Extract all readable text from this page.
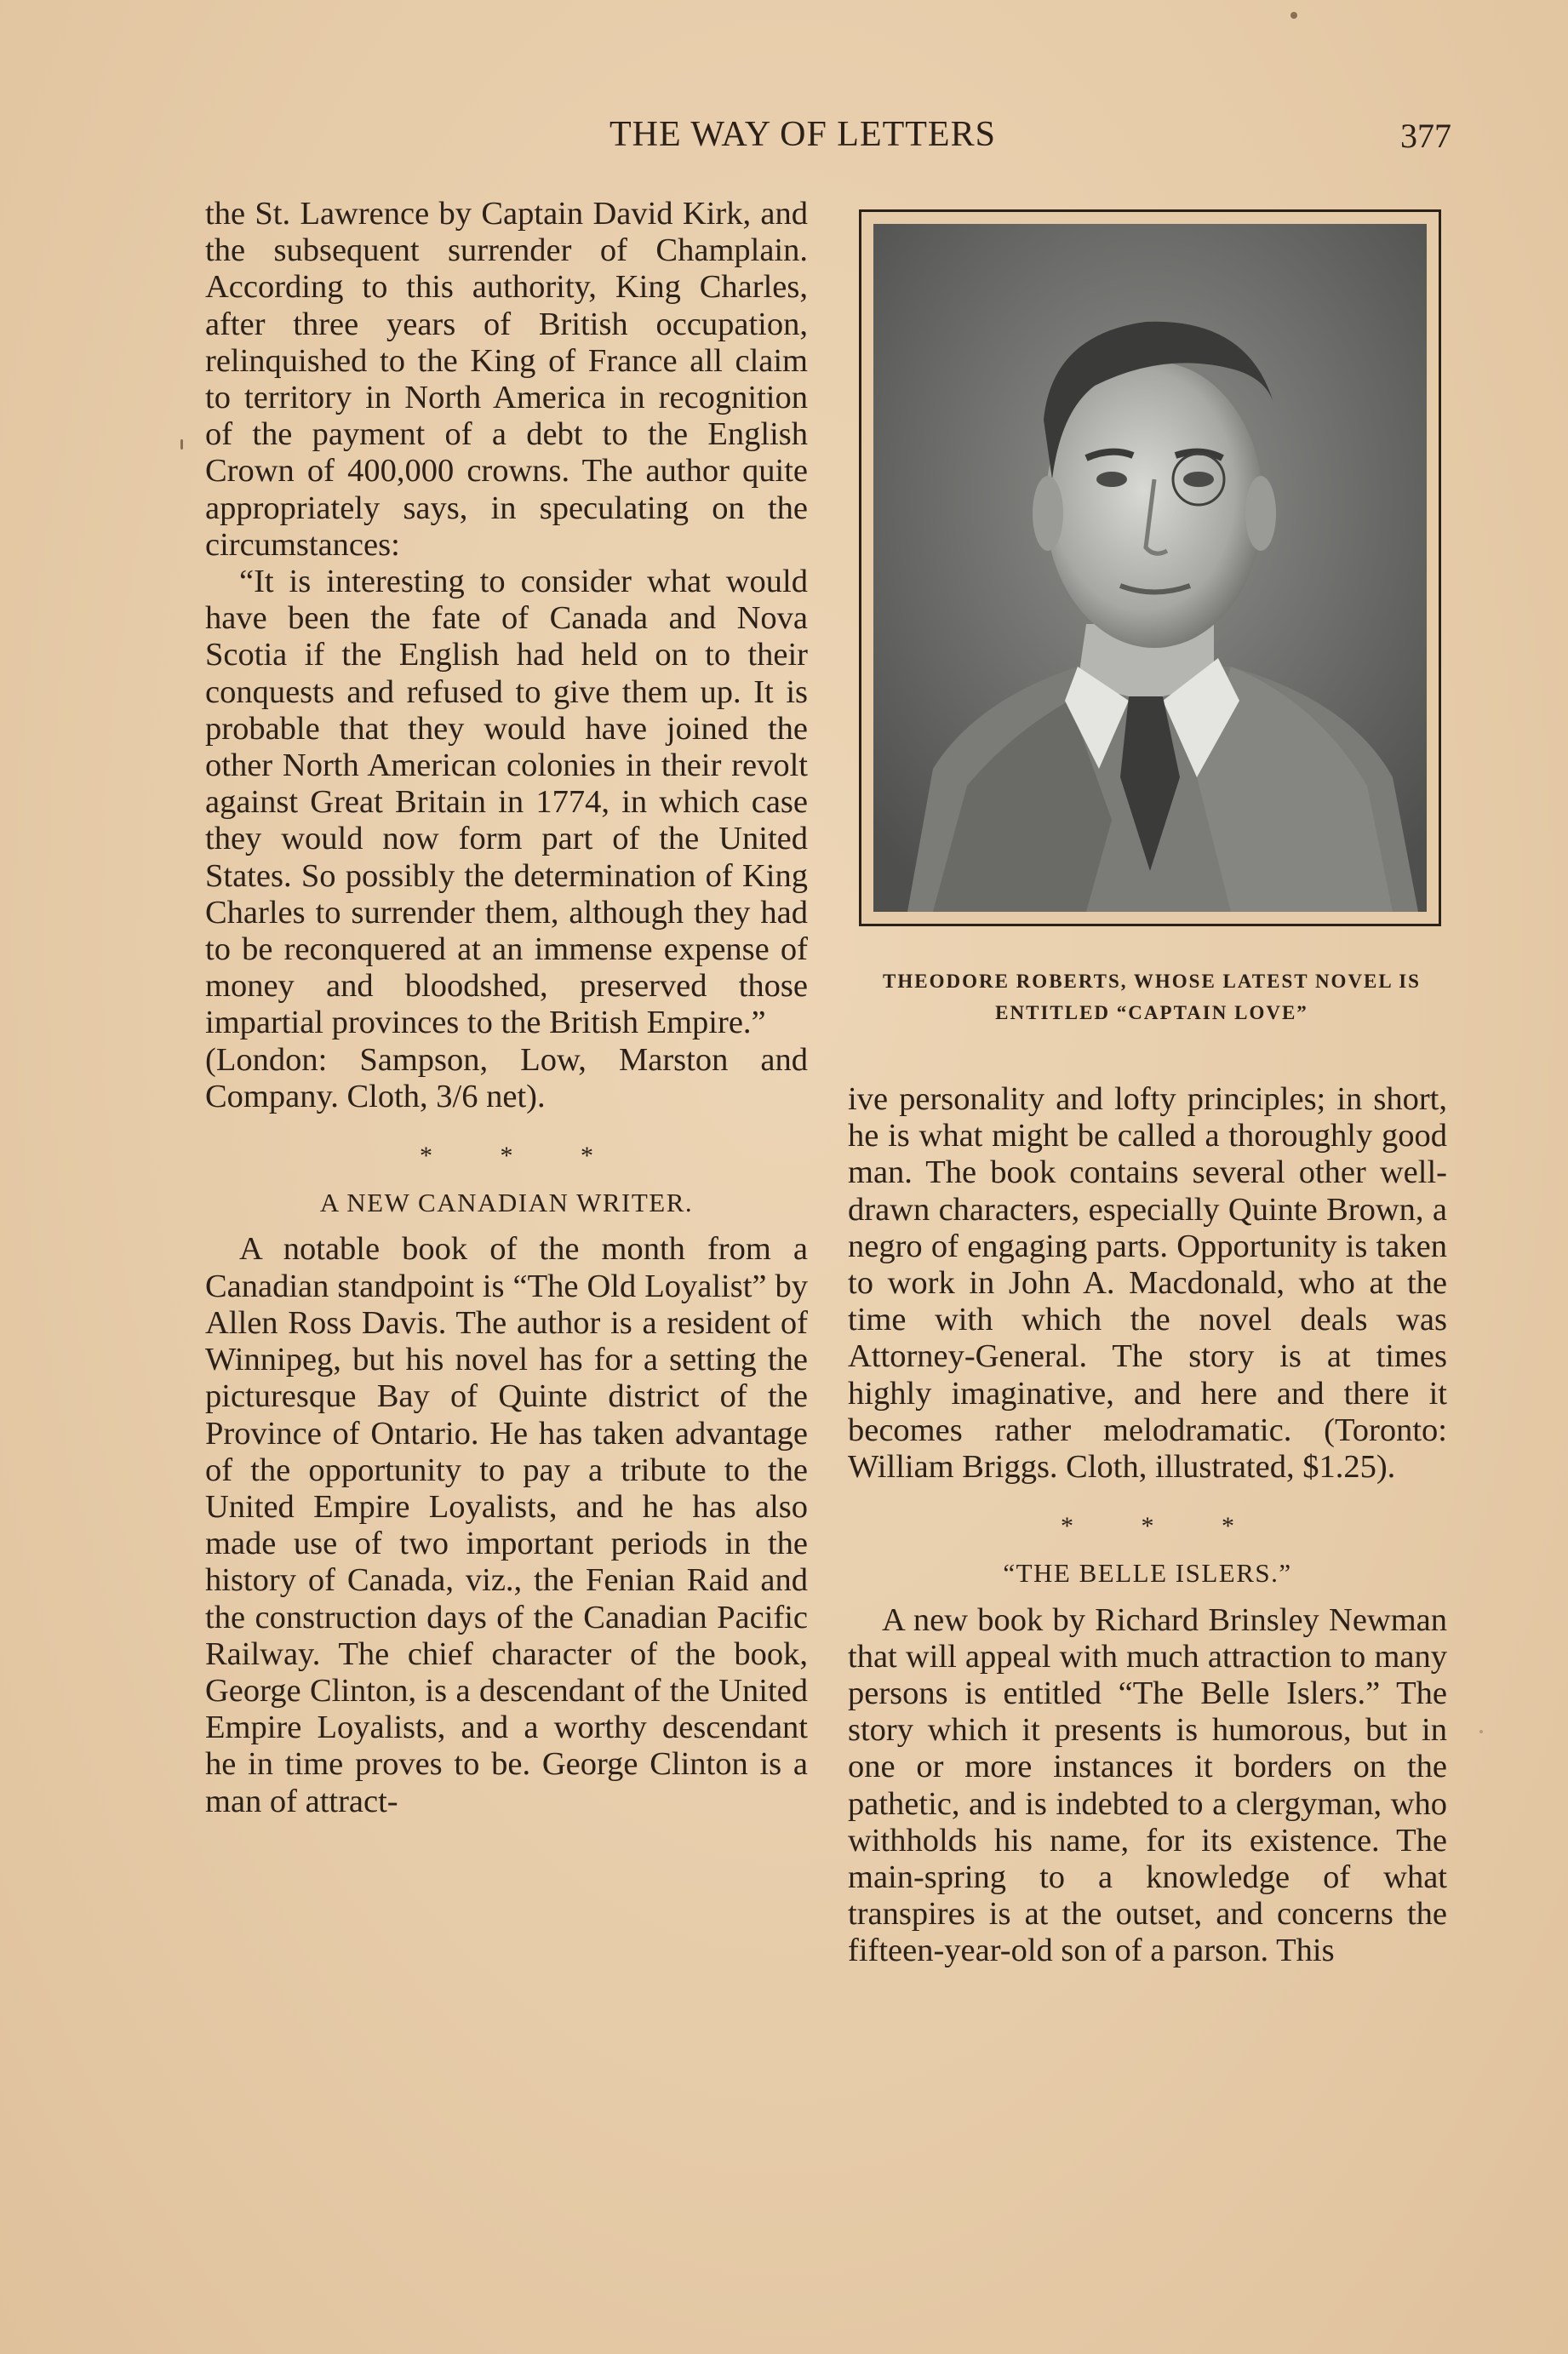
THE WAY OF LETTERS	377

the St. Lawrence by Captain David Kirk, and the subsequent surrender of Champlain. According to this authority, King Charles, after three years of British occupation, relinquished to the King of France all claim to territory in North America in recognition of the payment of a debt to the English Crown of 400,000 crowns. The author quite appropriately says, in speculating on the circumstances:

“It is interesting to consider what would have been the fate of Canada and Nova Scotia if the English had held on to their conquests and refused to give them up. It is probable that they would have joined the other North American colonies in their revolt against Great Britain in 1774, in which case they would now form part of the United States. So possibly the determination of King Charles to surrender them, although they had to be reconquered at an immense expense of money and bloodshed, preserved those impartial provinces to the British Empire.”

(London: Sampson, Low, Marston and Company. Cloth, 3/6 net).

* * *
A NEW CANADIAN WRITER.

A notable book of the month from a Canadian standpoint is “The Old Loyalist” by Allen Ross Davis. The author is a resident of Winnipeg, but his novel has for a setting the picturesque Bay of Quinte district of the Province of Ontario. He has taken advantage of the opportunity to pay a tribute to the United Empire Loyalists, and he has also made use of two important periods in the history of Canada, viz., the Fenian Raid and the construction days of the Canadian Pacific Railway. The chief character of the book, George Clinton, is a descendant of the United Empire Loyalists, and a worthy descendant he in time proves to be. George Clinton is a man of attract-

THEODORE ROBERTS, WHOSE LATEST NOVEL IS ENTITLED “CAPTAIN LOVE”

ive personality and lofty principles; in short, he is what might be called a thoroughly good man. The book contains several other well-drawn characters, especially Quinte Brown, a negro of engaging parts. Opportunity is taken to work in John A. Macdonald, who at the time with which the novel deals was Attorney-General. The story is at times highly imaginative, and here and there it becomes rather melodramatic. (Toronto: William Briggs. Cloth, illustrated, $1.25).

* * *
“THE BELLE ISLERS.”

A new book by Richard Brinsley Newman that will appeal with much attraction to many persons is entitled “The Belle Islers.” The story which it presents is humorous, but in one or more instances it borders on the pathetic, and is indebted to a clergyman, who withholds his name, for its existence. The main-spring to a knowledge of what transpires is at the outset, and concerns the fifteen-year-old son of a parson. This
